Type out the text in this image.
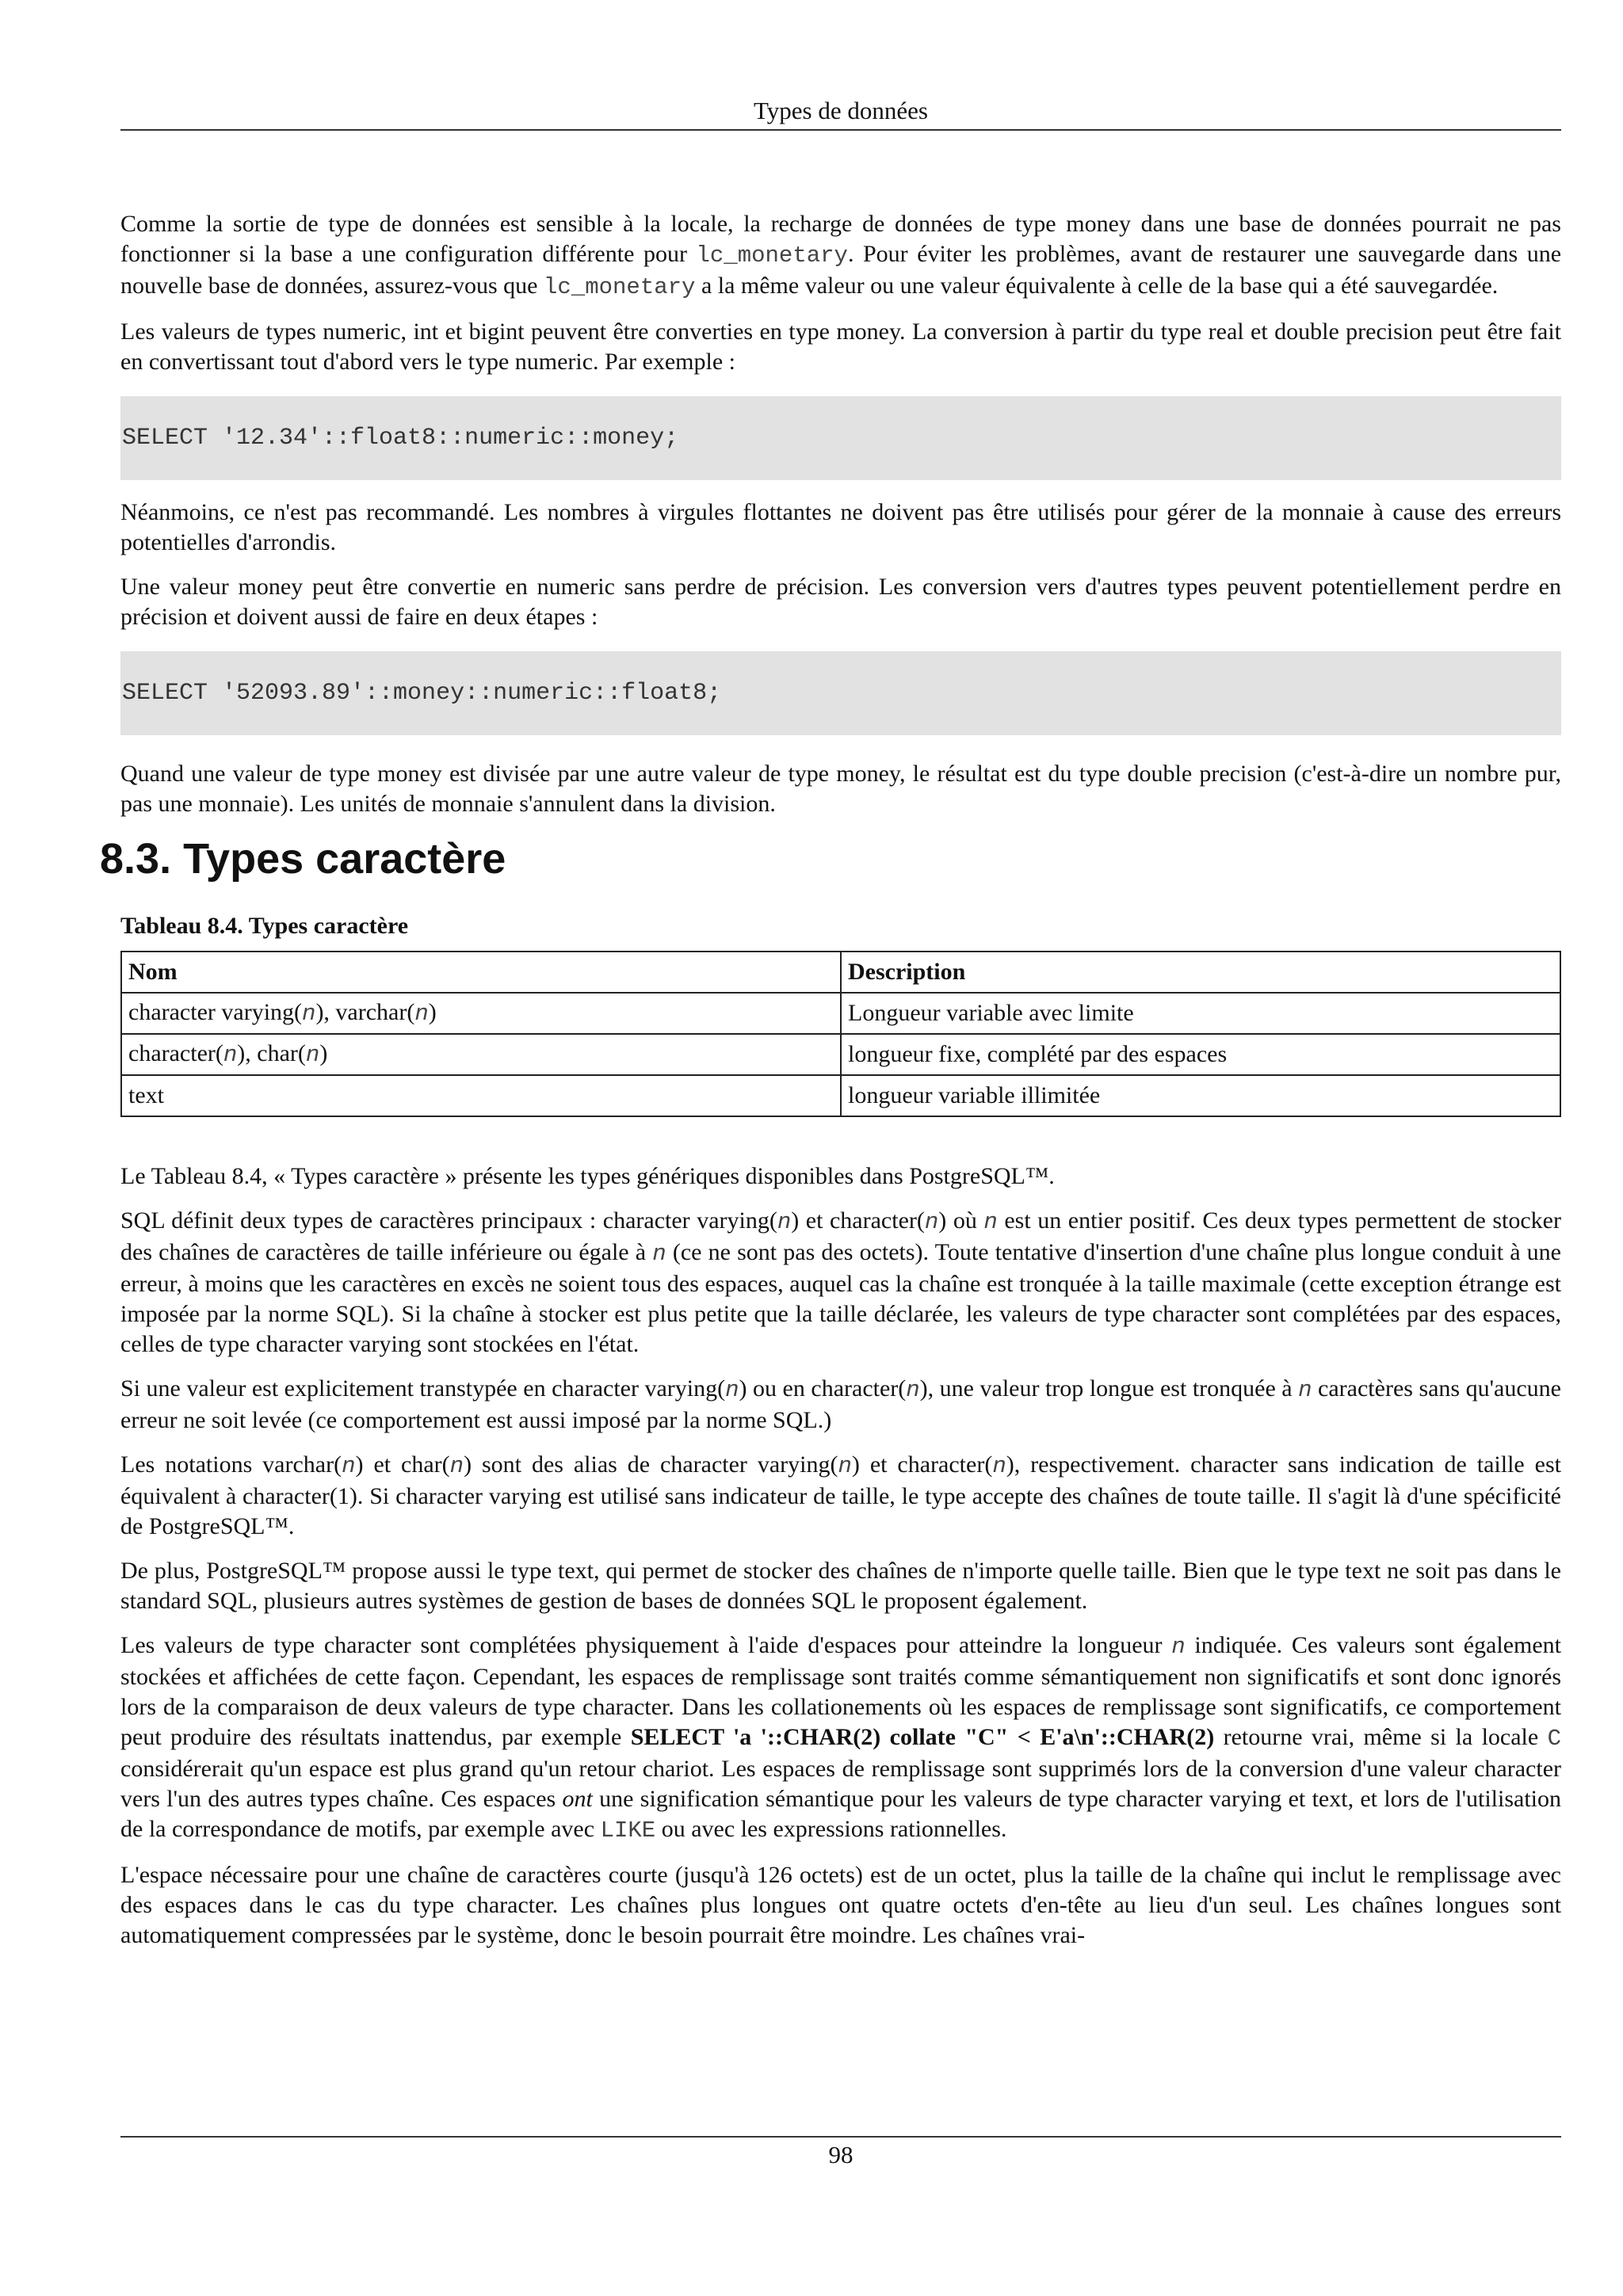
Types de données

Comme la sortie de type de données est sensible à la locale, la recharge de données de type money dans une base de données pourrait ne pas fonctionner si la base a une configuration différente pour lc_monetary. Pour éviter les problèmes, avant de restaurer une sauvegarde dans une nouvelle base de données, assurez-vous que lc_monetary a la même valeur ou une valeur équivalente à celle de la base qui a été sauvegardée.

Les valeurs de types numeric, int et bigint peuvent être converties en type money. La conversion à partir du type real et double precision peut être fait en convertissant tout d'abord vers le type numeric. Par exemple :

SELECT '12.34'::float8::numeric::money;

Néanmoins, ce n'est pas recommandé. Les nombres à virgules flottantes ne doivent pas être utilisés pour gérer de la monnaie à cause des erreurs potentielles d'arrondis.

Une valeur money peut être convertie en numeric sans perdre de précision. Les conversion vers d'autres types peuvent potentiellement perdre en précision et doivent aussi de faire en deux étapes :

SELECT '52093.89'::money::numeric::float8;

Quand une valeur de type money est divisée par une autre valeur de type money, le résultat est du type double precision (c'est-à-dire un nombre pur, pas une monnaie). Les unités de monnaie s'annulent dans la division.

8.3. Types caractère
Tableau 8.4. Types caractère
Nom	Description
character varying(n), varchar(n)	Longueur variable avec limite
character(n), char(n)	longueur fixe, complété par des espaces
text	longueur variable illimitée

Le Tableau 8.4, « Types caractère » présente les types génériques disponibles dans PostgreSQL™.

SQL définit deux types de caractères principaux : character varying(n) et character(n) où n est un entier positif. Ces deux types permettent de stocker des chaînes de caractères de taille inférieure ou égale à n (ce ne sont pas des octets). Toute tentative d'insertion d'une chaîne plus longue conduit à une erreur, à moins que les caractères en excès ne soient tous des espaces, auquel cas la chaîne est tronquée à la taille maximale (cette exception étrange est imposée par la norme SQL). Si la chaîne à stocker est plus petite que la taille déclarée, les valeurs de type character sont complétées par des espaces, celles de type character varying sont stockées en l'état.

Si une valeur est explicitement transtypée en character varying(n) ou en character(n), une valeur trop longue est tronquée à n caractères sans qu'aucune erreur ne soit levée (ce comportement est aussi imposé par la norme SQL.)

Les notations varchar(n) et char(n) sont des alias de character varying(n) et character(n), respectivement. character sans indication de taille est équivalent à character(1). Si character varying est utilisé sans indicateur de taille, le type accepte des chaînes de toute taille. Il s'agit là d'une spécificité de PostgreSQL™.

De plus, PostgreSQL™ propose aussi le type text, qui permet de stocker des chaînes de n'importe quelle taille. Bien que le type text ne soit pas dans le standard SQL, plusieurs autres systèmes de gestion de bases de données SQL le proposent également.

Les valeurs de type character sont complétées physiquement à l'aide d'espaces pour atteindre la longueur n indiquée. Ces valeurs sont également stockées et affichées de cette façon. Cependant, les espaces de remplissage sont traités comme sémantiquement non significatifs et sont donc ignorés lors de la comparaison de deux valeurs de type character. Dans les collationements où les espaces de remplissage sont significatifs, ce comportement peut produire des résultats inattendus, par exemple SELECT 'a '::CHAR(2) collate "C" < E'a\n'::CHAR(2) retourne vrai, même si la locale C considérerait qu'un espace est plus grand qu'un retour chariot. Les espaces de remplissage sont supprimés lors de la conversion d'une valeur character vers l'un des autres types chaîne. Ces espaces ont une signification sémantique pour les valeurs de type character varying et text, et lors de l'utilisation de la correspondance de motifs, par exemple avec LIKE ou avec les expressions rationnelles.

L'espace nécessaire pour une chaîne de caractères courte (jusqu'à 126 octets) est de un octet, plus la taille de la chaîne qui inclut le remplissage avec des espaces dans le cas du type character. Les chaînes plus longues ont quatre octets d'en-tête au lieu d'un seul. Les chaînes longues sont automatiquement compressées par le système, donc le besoin pourrait être moindre. Les chaînes vrai-

98
